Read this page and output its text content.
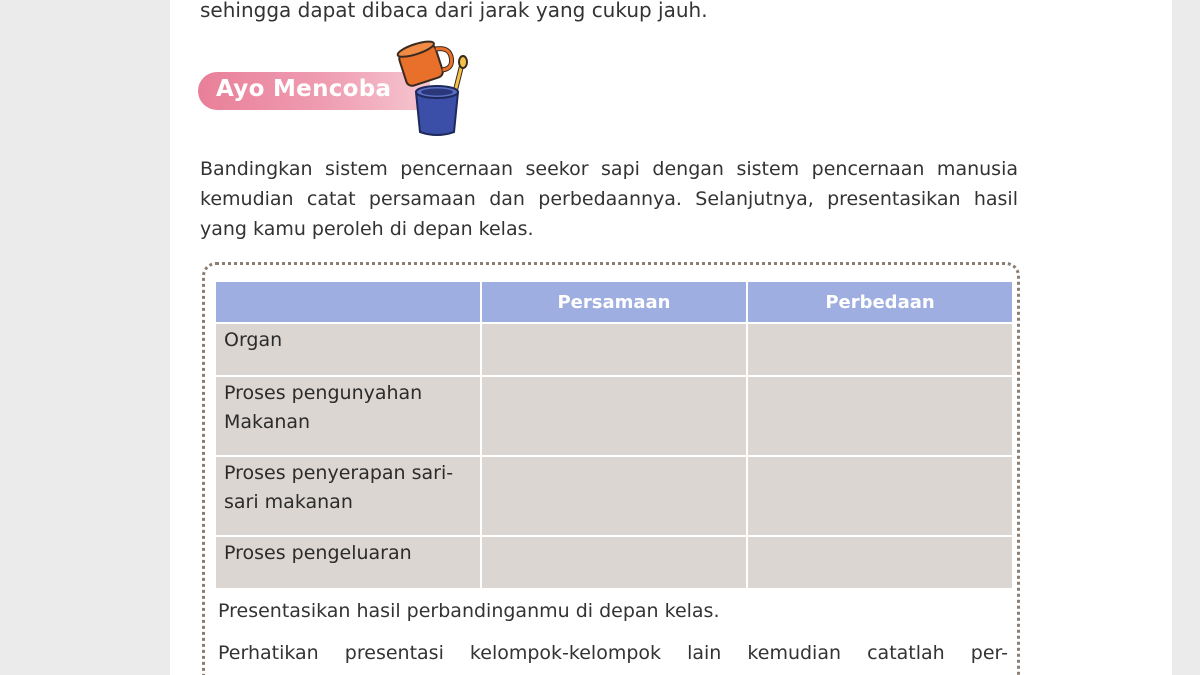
sehingga dapat dibaca dari jarak yang cukup jauh.
Ayo Mencoba
Bandingkan sistem pencernaan seekor sapi dengan sistem pencernaan manusia kemudian catat persamaan dan perbedaannya. Selanjutnya, presentasikan hasil yang kamu peroleh di depan kelas.
	Persamaan	Perbedaan
Organ		
Proses pengunyahan Makanan		
Proses penyerapan sari-sari makanan		
Proses pengeluaran		
Presentasikan hasil perbandinganmu di depan kelas.
Perhatikan presentasi kelompok-kelompok lain kemudian catatlah per-
